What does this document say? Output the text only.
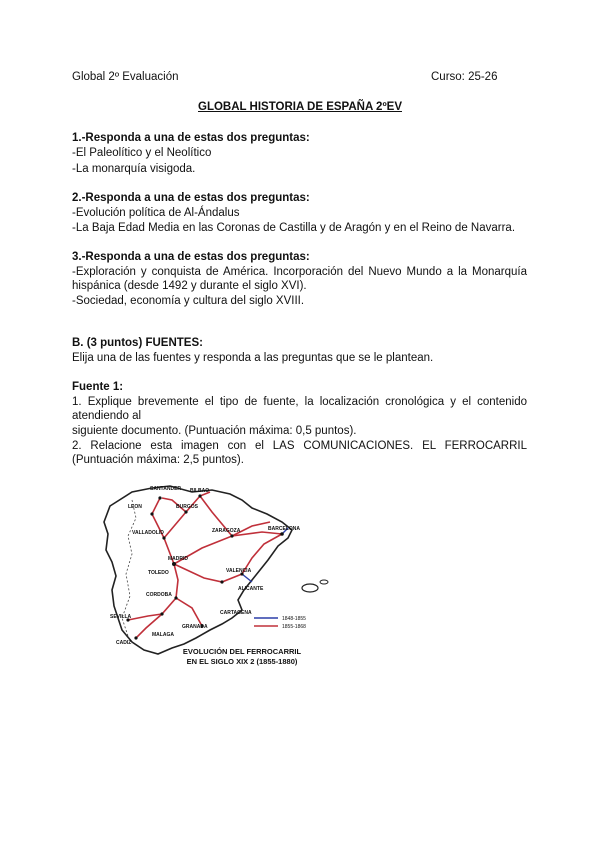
Global 2º Evaluación	Curso: 25-26
GLOBAL HISTORIA DE ESPAÑA 2ºEV
1.-Responda a una de estas dos preguntas:
-El Paleolítico y el Neolítico
-La monarquía visigoda.
2.-Responda a una de estas dos preguntas:
-Evolución política de Al-Ándalus
-La Baja Edad Media en las Coronas de Castilla y de Aragón y en el Reino de Navarra.
3.-Responda a una de estas dos preguntas:
-Exploración y conquista de América. Incorporación del Nuevo Mundo a la Monarquía hispánica (desde 1492 y durante el siglo XVI).
-Sociedad, economía y cultura del siglo XVIII.
B. (3 puntos) FUENTES:
Elija una de las fuentes y responda a las preguntas que se le plantean.
Fuente 1:
1. Explique brevemente el tipo de fuente, la localización cronológica y el contenido atendiendo al
siguiente documento. (Puntuación máxima: 0,5 puntos).
2. Relacione esta imagen con el LAS COMUNICACIONES. EL FERROCARRIL (Puntuación máxima: 2,5 puntos).
MADRID
ZARAGOZA	BARCELONA
VALENCIA
SEVILLA
CORDOBA
CADIZ
BILBAO
SANTANDER
VALLADOLID
BURGOS
TOLEDO
ALICANTE
CARTAGENA
MALAGA
GRANADA
LEON
1848-1855
1855-1868
EVOLUCIÓN DEL FERROCARRIL
EN EL SIGLO XIX 2 (1855-1880)
